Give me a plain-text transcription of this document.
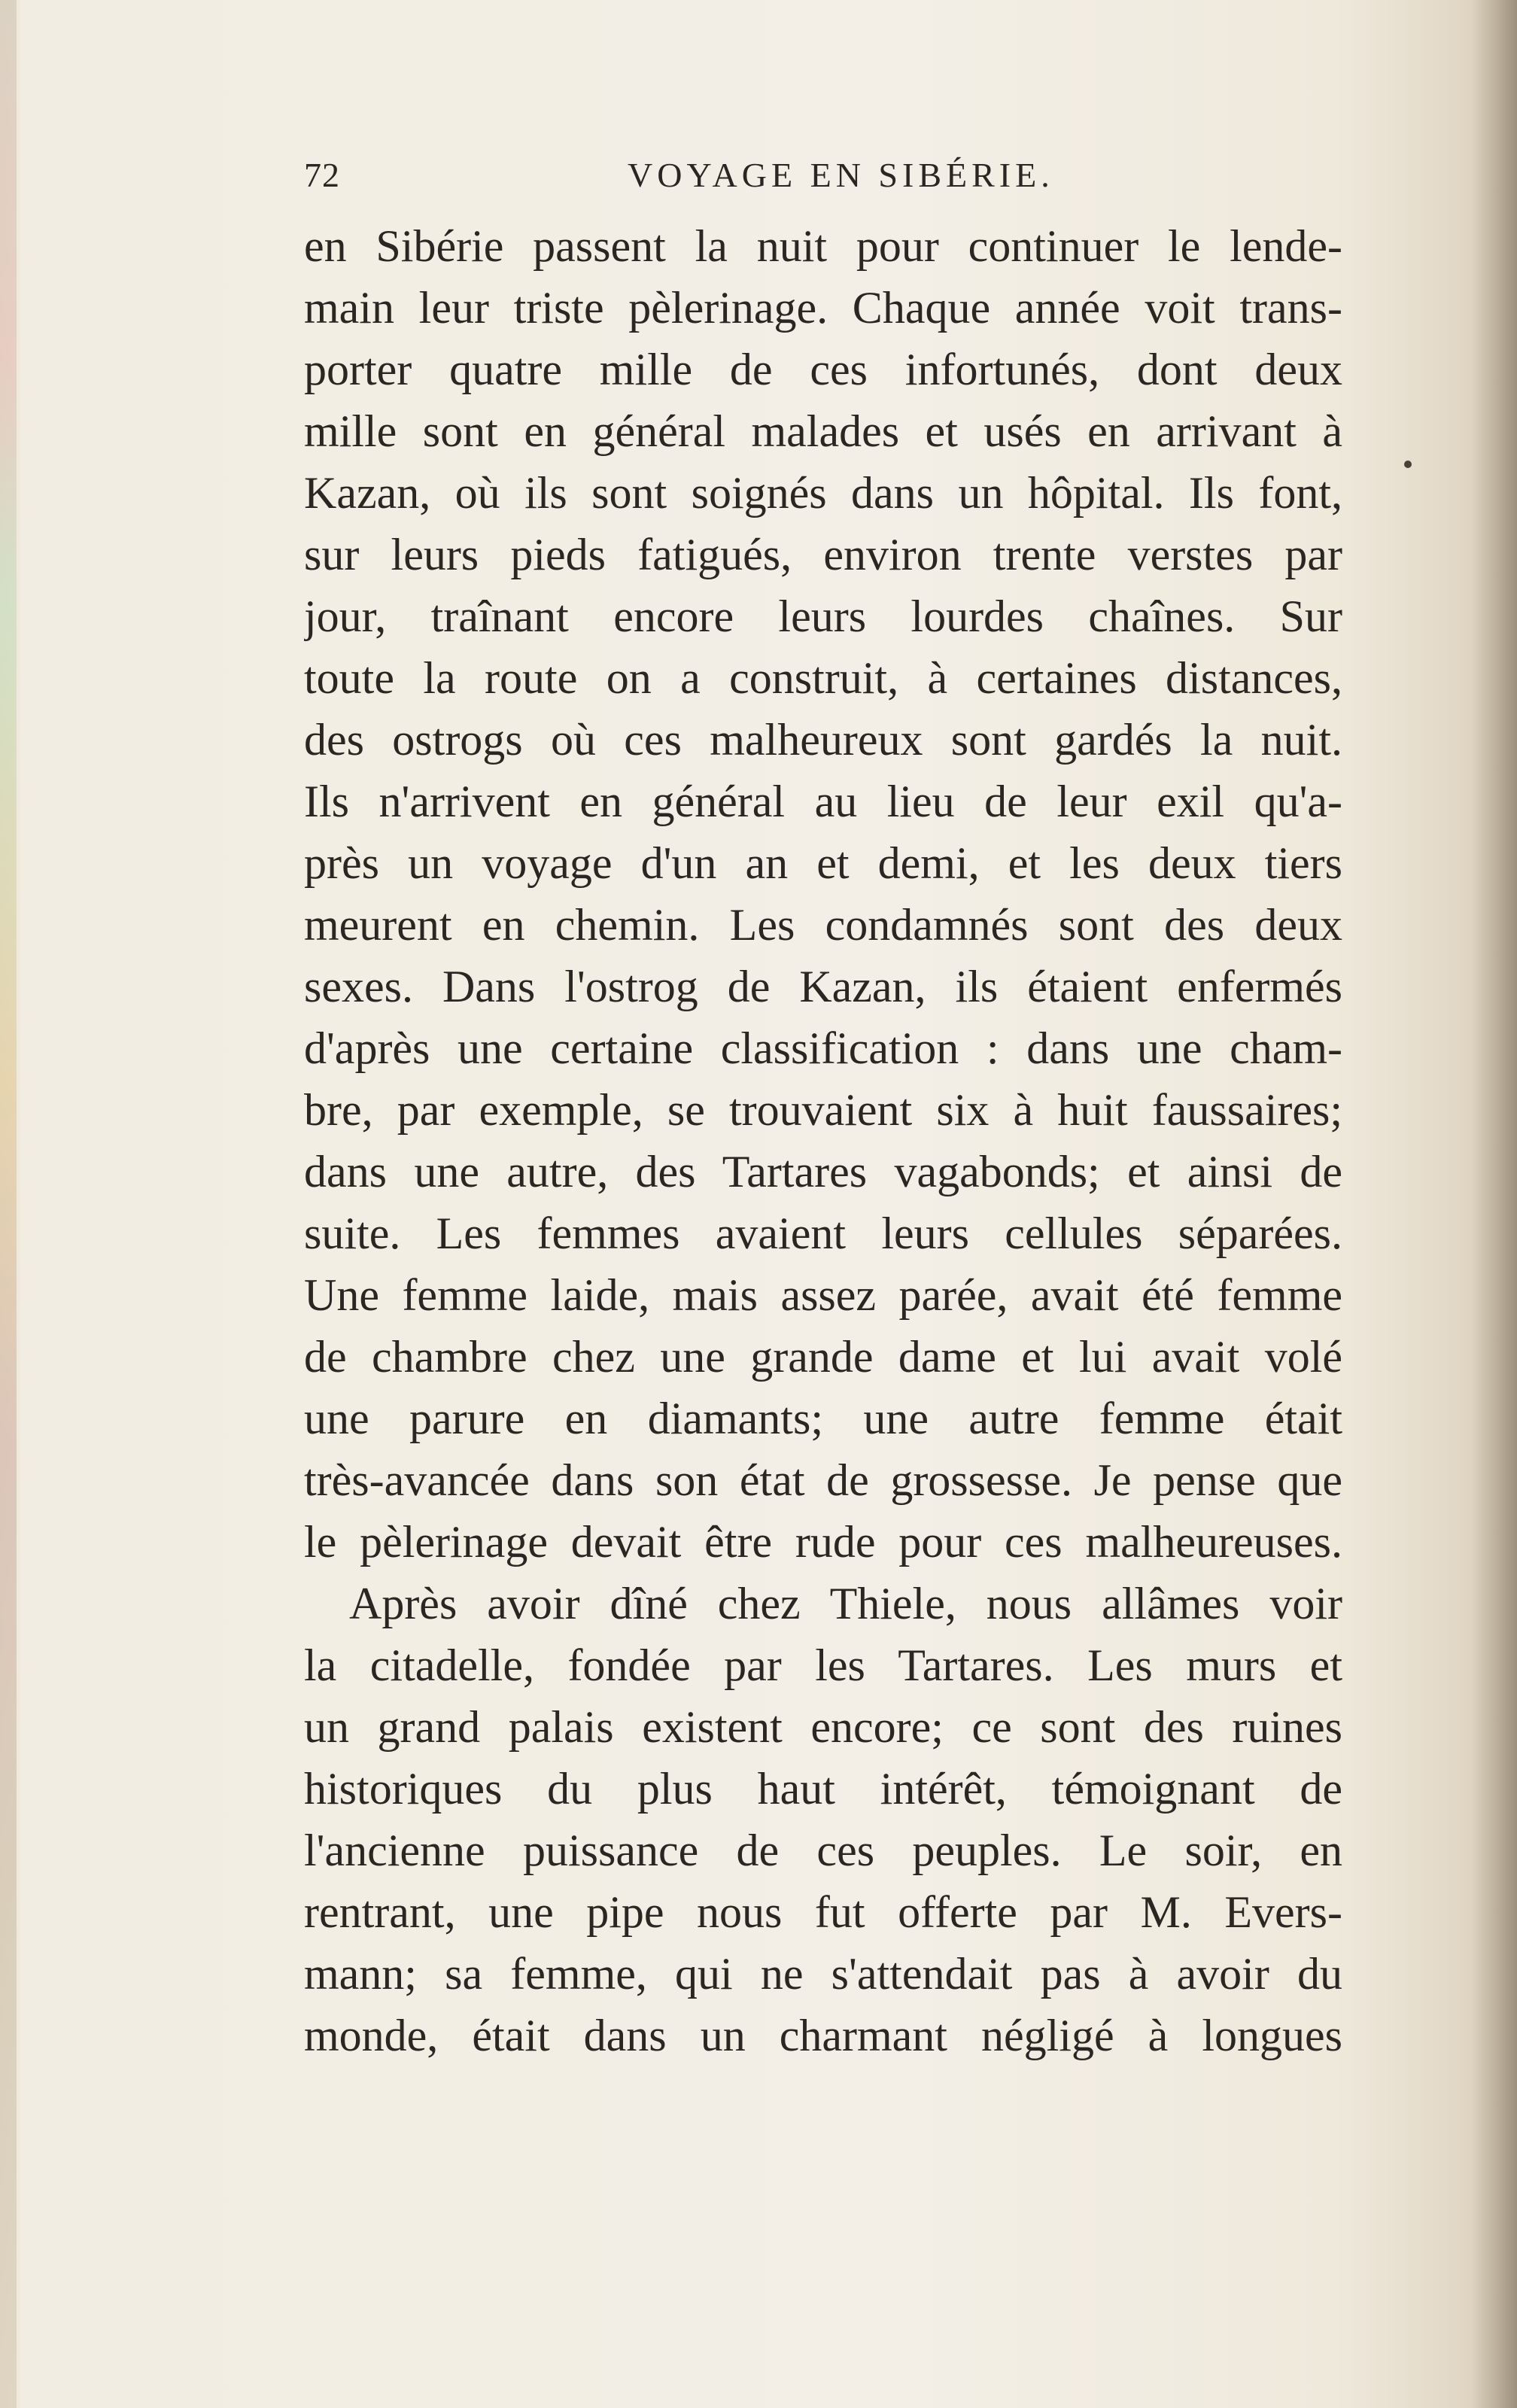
72	VOYAGE EN SIBÉRIE.
en Sibérie passent la nuit pour continuer le lende-
main leur triste pèlerinage. Chaque année voit trans-
porter quatre mille de ces infortunés, dont deux
mille sont en général malades et usés en arrivant à
Kazan, où ils sont soignés dans un hôpital. Ils font,
sur leurs pieds fatigués, environ trente verstes par
jour, traînant encore leurs lourdes chaînes. Sur
toute la route on a construit, à certaines distances,
des ostrogs où ces malheureux sont gardés la nuit.
Ils n'arrivent en général au lieu de leur exil qu'a-
près un voyage d'un an et demi, et les deux tiers
meurent en chemin. Les condamnés sont des deux
sexes. Dans l'ostrog de Kazan, ils étaient enfermés
d'après une certaine classification : dans une cham-
bre, par exemple, se trouvaient six à huit faussaires;
dans une autre, des Tartares vagabonds; et ainsi de
suite. Les femmes avaient leurs cellules séparées.
Une femme laide, mais assez parée, avait été femme
de chambre chez une grande dame et lui avait volé
une parure en diamants; une autre femme était
très-avancée dans son état de grossesse. Je pense que
le pèlerinage devait être rude pour ces malheureuses.
Après avoir dîné chez Thiele, nous allâmes voir
la citadelle, fondée par les Tartares. Les murs et
un grand palais existent encore; ce sont des ruines
historiques du plus haut intérêt, témoignant de
l'ancienne puissance de ces peuples. Le soir, en
rentrant, une pipe nous fut offerte par M. Evers-
mann; sa femme, qui ne s'attendait pas à avoir du
monde, était dans un charmant négligé à longues
